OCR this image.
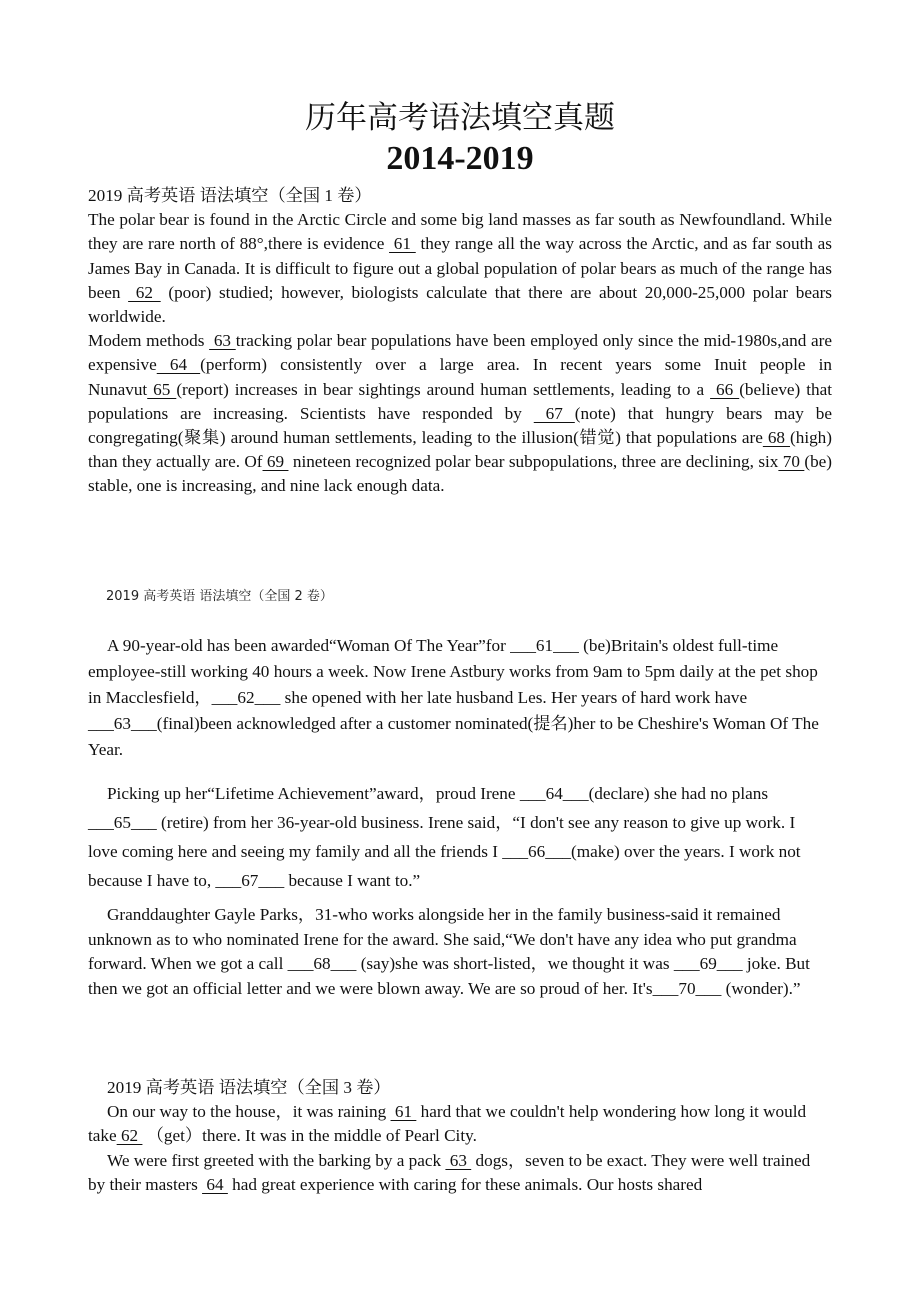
历年高考语法填空真题
2014-2019

2019 高考英语 语法填空（全国 1 卷）

The polar bear is found in the Arctic Circle and some big land masses as far south as Newfoundland. While they are rare north of 88°,there is evidence  61  they range all the way across the Arctic, and as far south as James Bay in Canada. It is difficult to figure out a global population of polar bears as much of the range has been  62  (poor) studied; however, biologists calculate that there are about 20,000-25,000 polar bears worldwide.

Modem methods  63 tracking polar bear populations have been employed only since the mid-1980s,and are expensive 64 (perform) consistently over a large area. In recent years some Inuit people in Nunavut 65 (report) increases in bear sightings around human settlements, leading to a  66 (believe) that populations are increasing. Scientists have responded by  67 (note) that hungry bears may be congregating(聚集) around human settlements, leading to the illusion(错觉) that populations are 68 (high) than they actually are. Of 69  nineteen recognized polar bear subpopulations, three are declining, six 70 (be) stable, one is increasing, and nine lack enough data.

2019 高考英语 语法填空（全国 2 卷）

A 90-year-old has been awarded“Woman Of The Year”for ___61___ (be)Britain's oldest full-time employee-still working 40 hours a week. Now Irene Astbury works from 9am to 5pm daily at the pet shop in Macclesfield，___62___ she opened with her late husband Les. Her years of hard work have ___63___(final)been acknowledged after a customer nominated(提名)her to be Cheshire's Woman Of The Year.

Picking up her“Lifetime Achievement”award，proud Irene ___64___(declare) she had no plans ___65___ (retire) from her 36-year-old business. Irene said，“I don't see any reason to give up work. I love coming here and seeing my family and all the friends I ___66___(make) over the years. I work not because I have to, ___67___ because I want to.”

Granddaughter Gayle Parks，31-who works alongside her in the family business-said it remained unknown as to who nominated Irene for the award. She said,“We don't have any idea who put grandma forward. When we got a call ___68___ (say)she was short-listed，we thought it was ___69___ joke. But then we got an official letter and we were blown away. We are so proud of her. It's___70___ (wonder).”

2019 高考英语 语法填空（全国 3 卷）

On our way to the house，it was raining  61  hard that we couldn't help wondering how long it would take 62  （get）there. It was in the middle of Pearl City.

We were first greeted with the barking by a pack  63  dogs，seven to be exact. They were well trained by their masters  64  had great experience with caring for these animals. Our hosts shared
